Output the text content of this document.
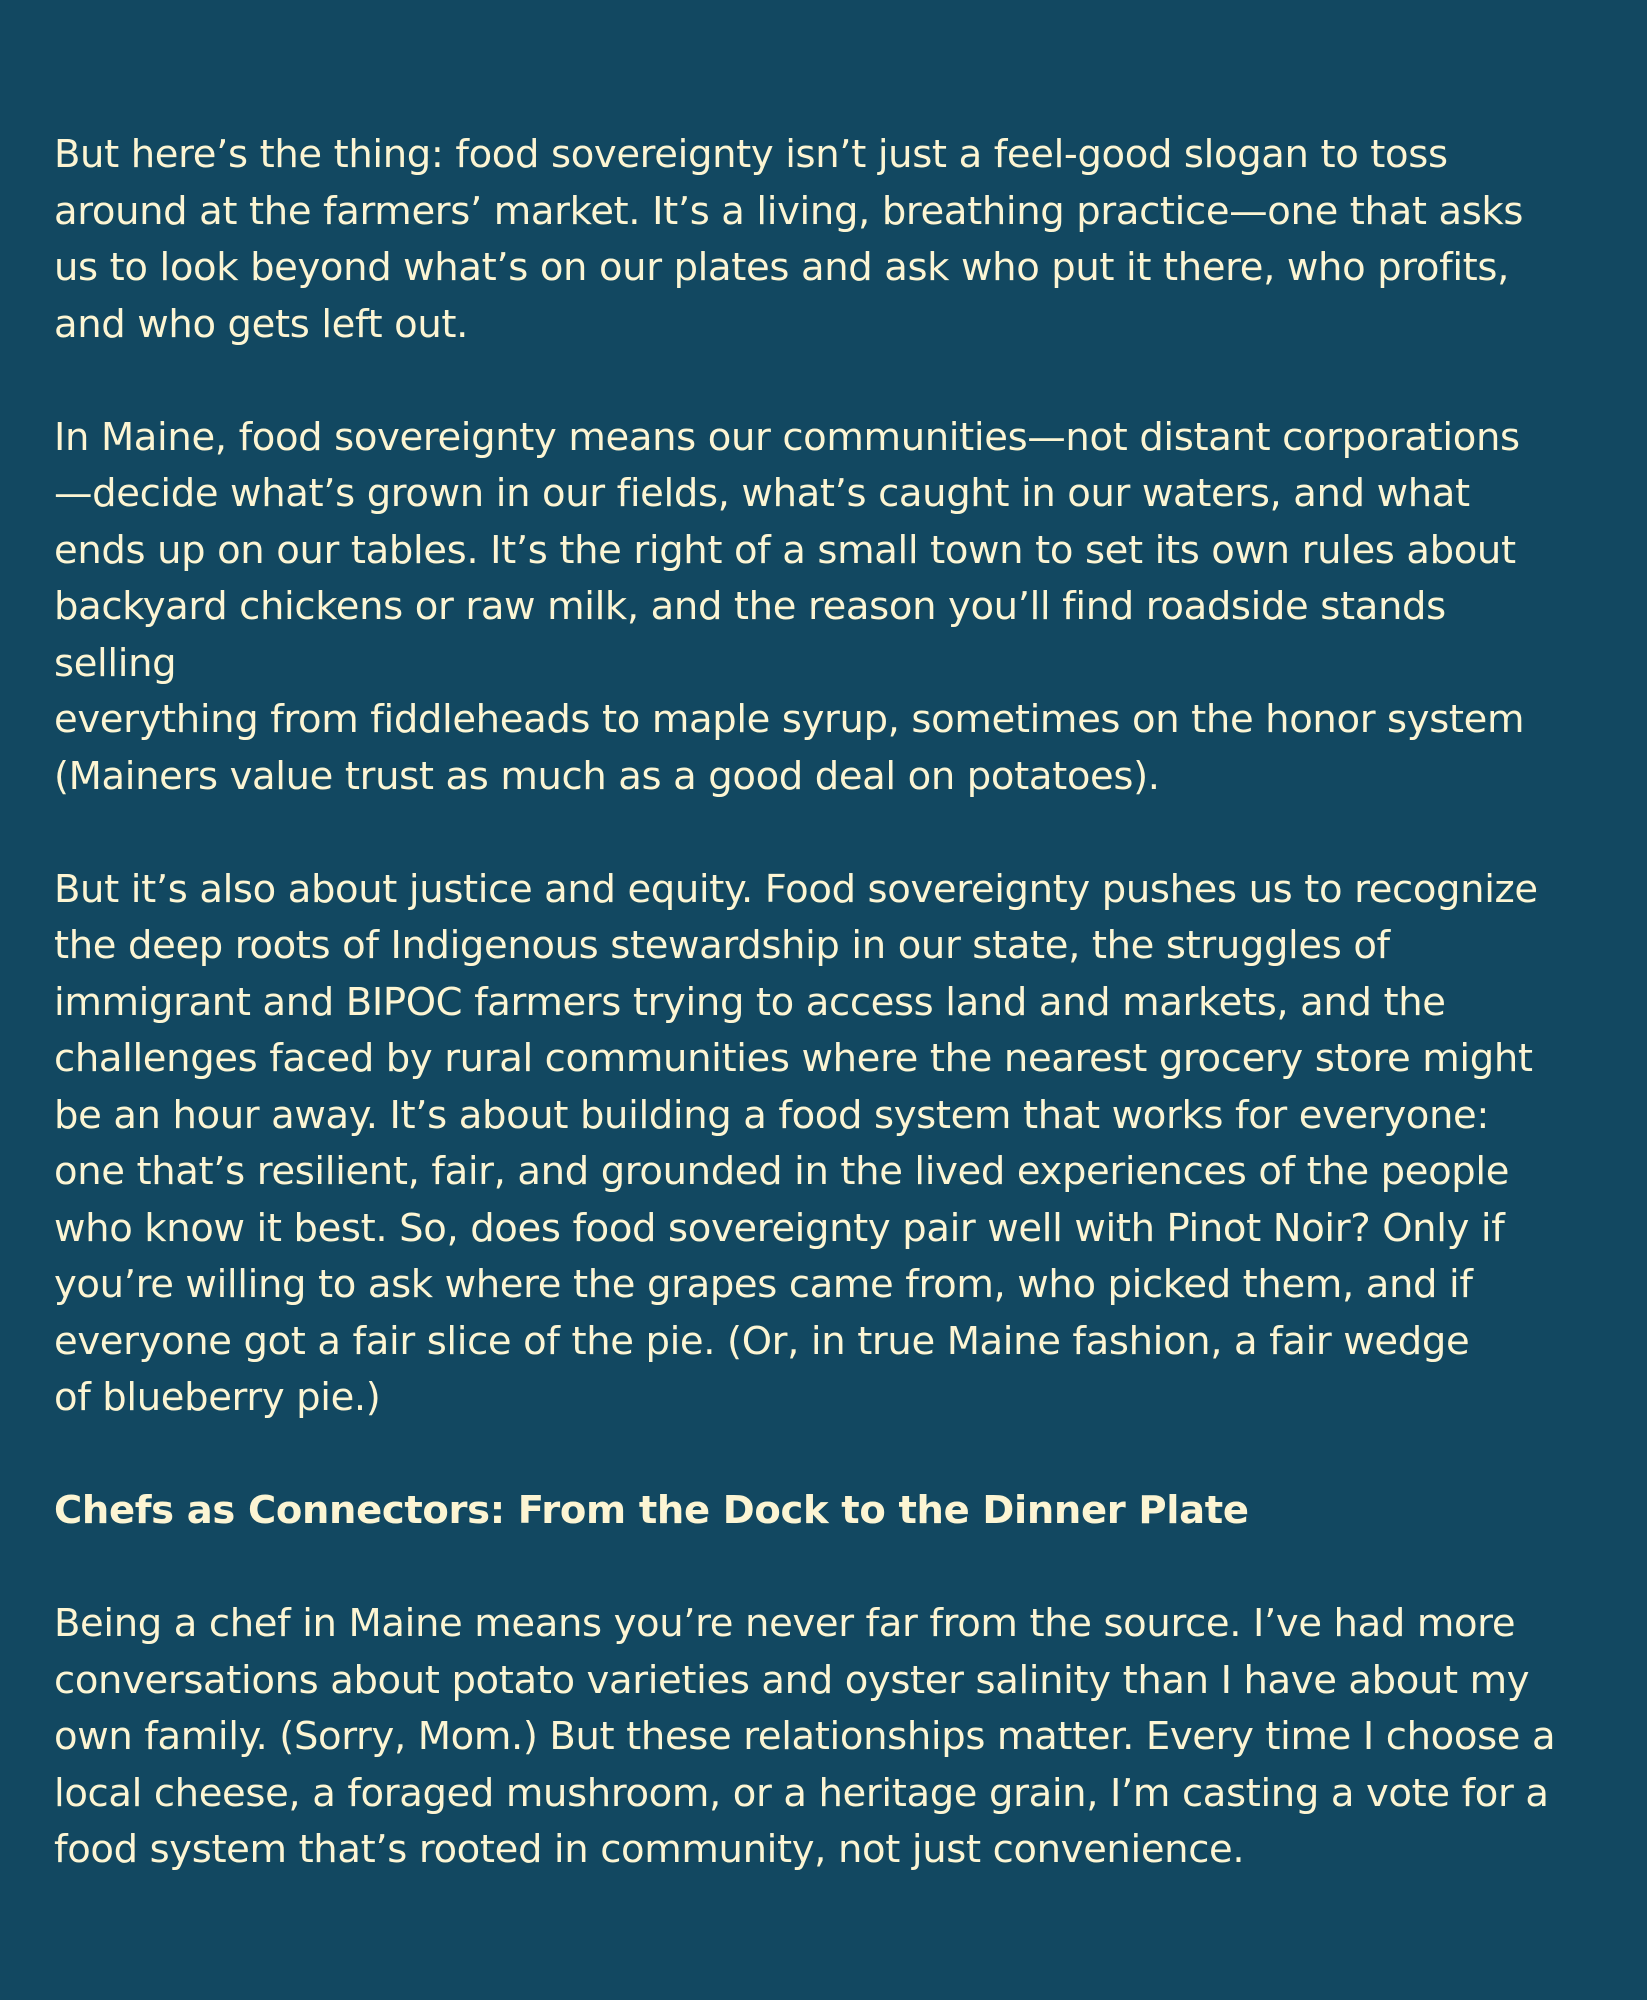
But here’s the thing: food sovereignty isn’t just a feel-good slogan to toss
around at the farmers’ market. It’s a living, breathing practice—one that asks
us to look beyond what’s on our plates and ask who put it there, who profits,
and who gets left out.

In Maine, food sovereignty means our communities—not distant corporations
—decide what’s grown in our fields, what’s caught in our waters, and what
ends up on our tables. It’s the right of a small town to set its own rules about
backyard chickens or raw milk, and the reason you’ll find roadside stands
selling
everything from fiddleheads to maple syrup, sometimes on the honor system
(Mainers value trust as much as a good deal on potatoes).

But it’s also about justice and equity. Food sovereignty pushes us to recognize
the deep roots of Indigenous stewardship in our state, the struggles of
immigrant and BIPOC farmers trying to access land and markets, and the
challenges faced by rural communities where the nearest grocery store might
be an hour away. It’s about building a food system that works for everyone:
one that’s resilient, fair, and grounded in the lived experiences of the people
who know it best. So, does food sovereignty pair well with Pinot Noir? Only if
you’re willing to ask where the grapes came from, who picked them, and if
everyone got a fair slice of the pie. (Or, in true Maine fashion, a fair wedge
of blueberry pie.)

Chefs as Connectors: From the Dock to the Dinner Plate

Being a chef in Maine means you’re never far from the source. I’ve had more
conversations about potato varieties and oyster salinity than I have about my
own family. (Sorry, Mom.) But these relationships matter. Every time I choose a
local cheese, a foraged mushroom, or a heritage grain, I’m casting a vote for a
food system that’s rooted in community, not just convenience.
